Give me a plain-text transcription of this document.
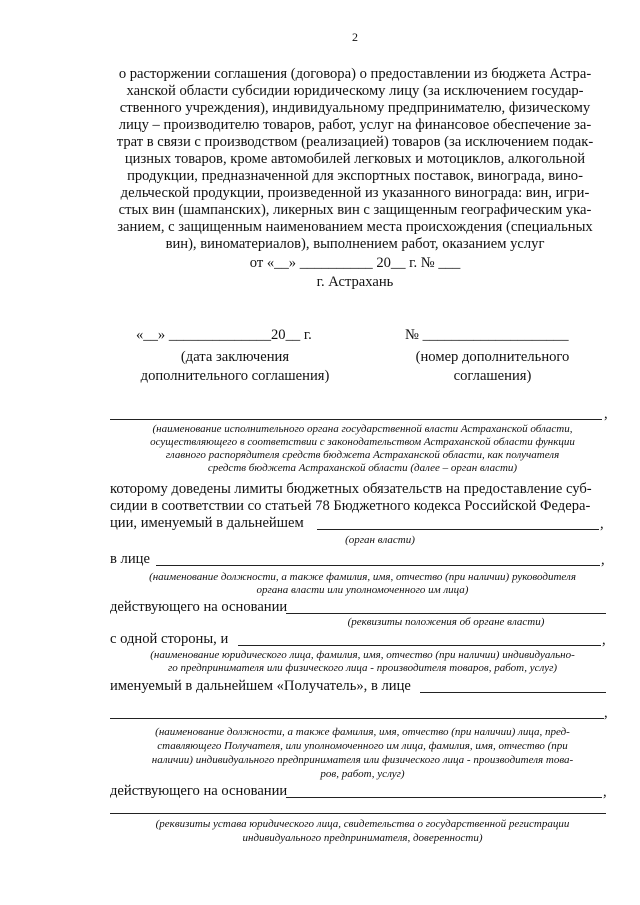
2
о расторжении соглашения (договора) о предоставлении из бюджета Астра-
ханской области субсидии юридическому лицу (за исключением государ-
ственного учреждения), индивидуальному предпринимателю, физическому
лицу – производителю товаров, работ, услуг на финансовое обеспечение за-
трат в связи с производством (реализацией) товаров (за исключением подак-
цизных товаров, кроме автомобилей легковых и мотоциклов, алкогольной
продукции, предназначенной для экспортных поставок, винограда, вино-
дельческой продукции, произведенной из указанного винограда: вин, игри-
стых вин (шампанских), ликерных вин с защищенным географическим ука-
занием, с защищенным наименованием места происхождения (специальных
вин), виноматериалов), выполнением работ, оказанием услуг
от «__» __________ 20__ г. № ___
г. Астрахань
«__» ______________20__ г.	№ ____________________
(дата заключения
дополнительного соглашения)
(номер дополнительного
соглашения)
,
(наименование исполнительного органа государственной власти Астраханской области,
осуществляющего в соответствии с законодательством Астраханской области функции
главного распорядителя средств бюджета Астраханской области, как получателя
средств бюджета Астраханской области (далее – орган власти)
которому доведены лимиты бюджетных обязательств на предоставление суб-
сидии в соответствии со статьей 78 Бюджетного кодекса Российской Федера-
ции, именуемый в дальнейшем	,
(орган власти)
в лице	,
(наименование должности, а также фамилия, имя, отчество (при наличии) руководителя
органа власти или уполномоченного им лица)
действующего на основании
(реквизиты положения об органе власти)
с одной стороны, и	,
(наименование юридического лица, фамилия, имя, отчество (при наличии) индивидуально-
го предпринимателя или физического лица - производителя товаров, работ, услуг)
именуемый в дальнейшем «Получатель», в лице
,
(наименование должности, а также фамилия, имя, отчество (при наличии) лица, пред-
ставляющего Получателя, или уполномоченного им лица, фамилия, имя, отчество (при
наличии) индивидуального предпринимателя или физического лица - производителя това-
ров, работ, услуг)
действующего на основании	,
(реквизиты устава юридического лица, свидетельства о государственной регистрации
индивидуального предпринимателя, доверенности)
